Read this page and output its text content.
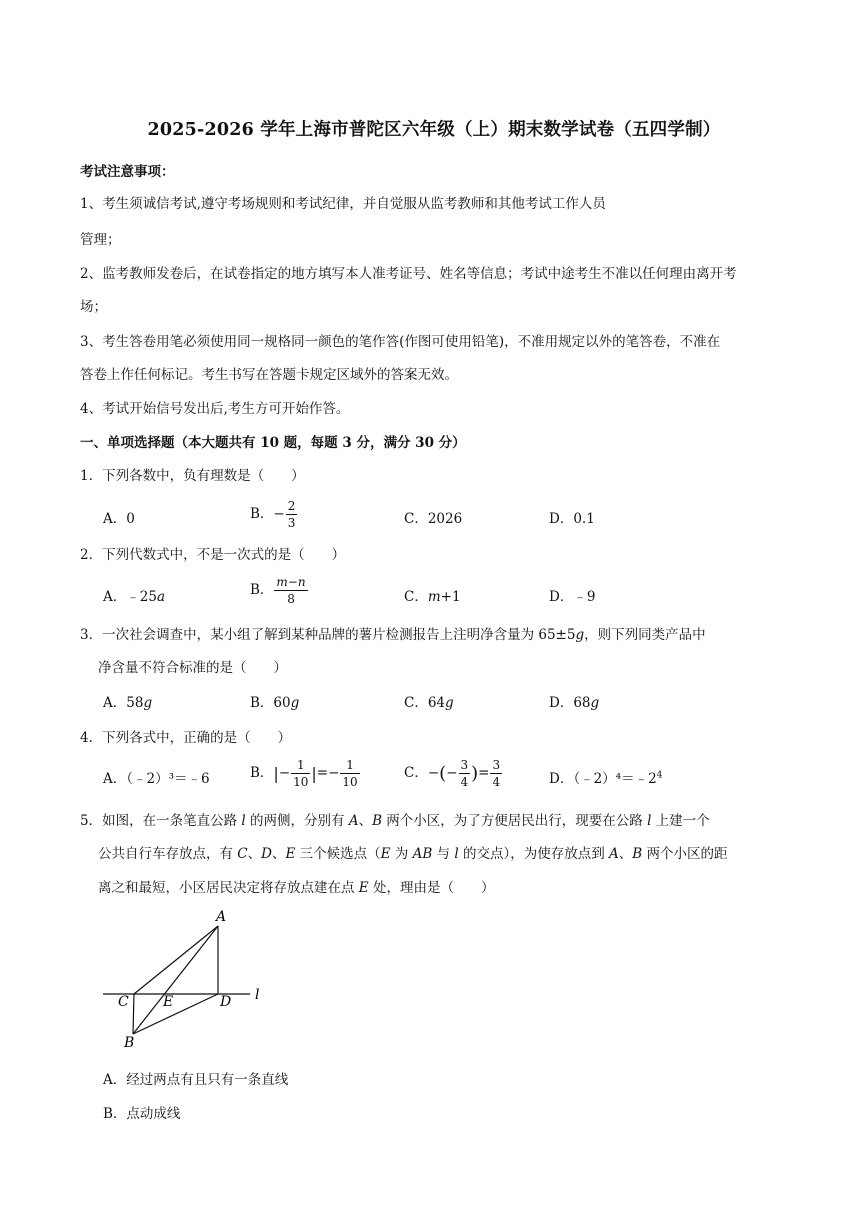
2025-2026 学年上海市普陀区六年级（上）期末数学试卷（五四学制）
考试注意事项：
1、考生须诚信考试,遵守考场规则和考试纪律，并自觉服从监考教师和其他考试工作人员
管理；
2、监考教师发卷后，在试卷指定的地方填写本人准考证号、姓名等信息；考试中途考生不准以任何理由离开考
场；
3、考生答卷用笔必须使用同一规格同一颜色的笔作答(作图可使用铅笔)，不准用规定以外的笔答卷，不准在
答卷上作任何标记。考生书写在答题卡规定区域外的答案无效。
4、考试开始信号发出后,考生方可开始作答。
一、单项选择题（本大题共有 10 题，每题 3 分，满分 30 分）
1．下列各数中，负有理数是（　　）
A．0	B．− $\frac{2}{3}$	C．2026	D．0.1
2．下列代数式中，不是一次式的是（　　）
A．﹣25a	B． $\frac{m-n}{8}$	C．m+1	D．﹣9
3．一次社会调查中，某小组了解到某种品牌的薯片检测报告上注明净含量为 65±5g，则下列同类产品中
净含量不符合标准的是（　　）
A．58g	B．60g	C．64g	D．68g
4．下列各式中，正确的是（　　）
A．（﹣2）³＝﹣6	B．|− $\frac{1}{10}$ |=− $\frac{1}{10}$	C．−(− $\frac{3}{4}$ )= $\frac{3}{4}$	D．$(﹣2)^4=﹣2^4$
5．如图，在一条笔直公路 l 的两侧，分别有 A、B 两个小区，为了方便居民出行，现要在公路 l 上建一个
公共自行车存放点，有 C、D、E 三个候选点（E 为 AB 与 l 的交点），为使存放点到 A、B 两个小区的距
离之和最短，小区居民决定将存放点建在点 E 处，理由是（　　）
A
C E	D l
B
A．经过两点有且只有一条直线
B．点动成线
